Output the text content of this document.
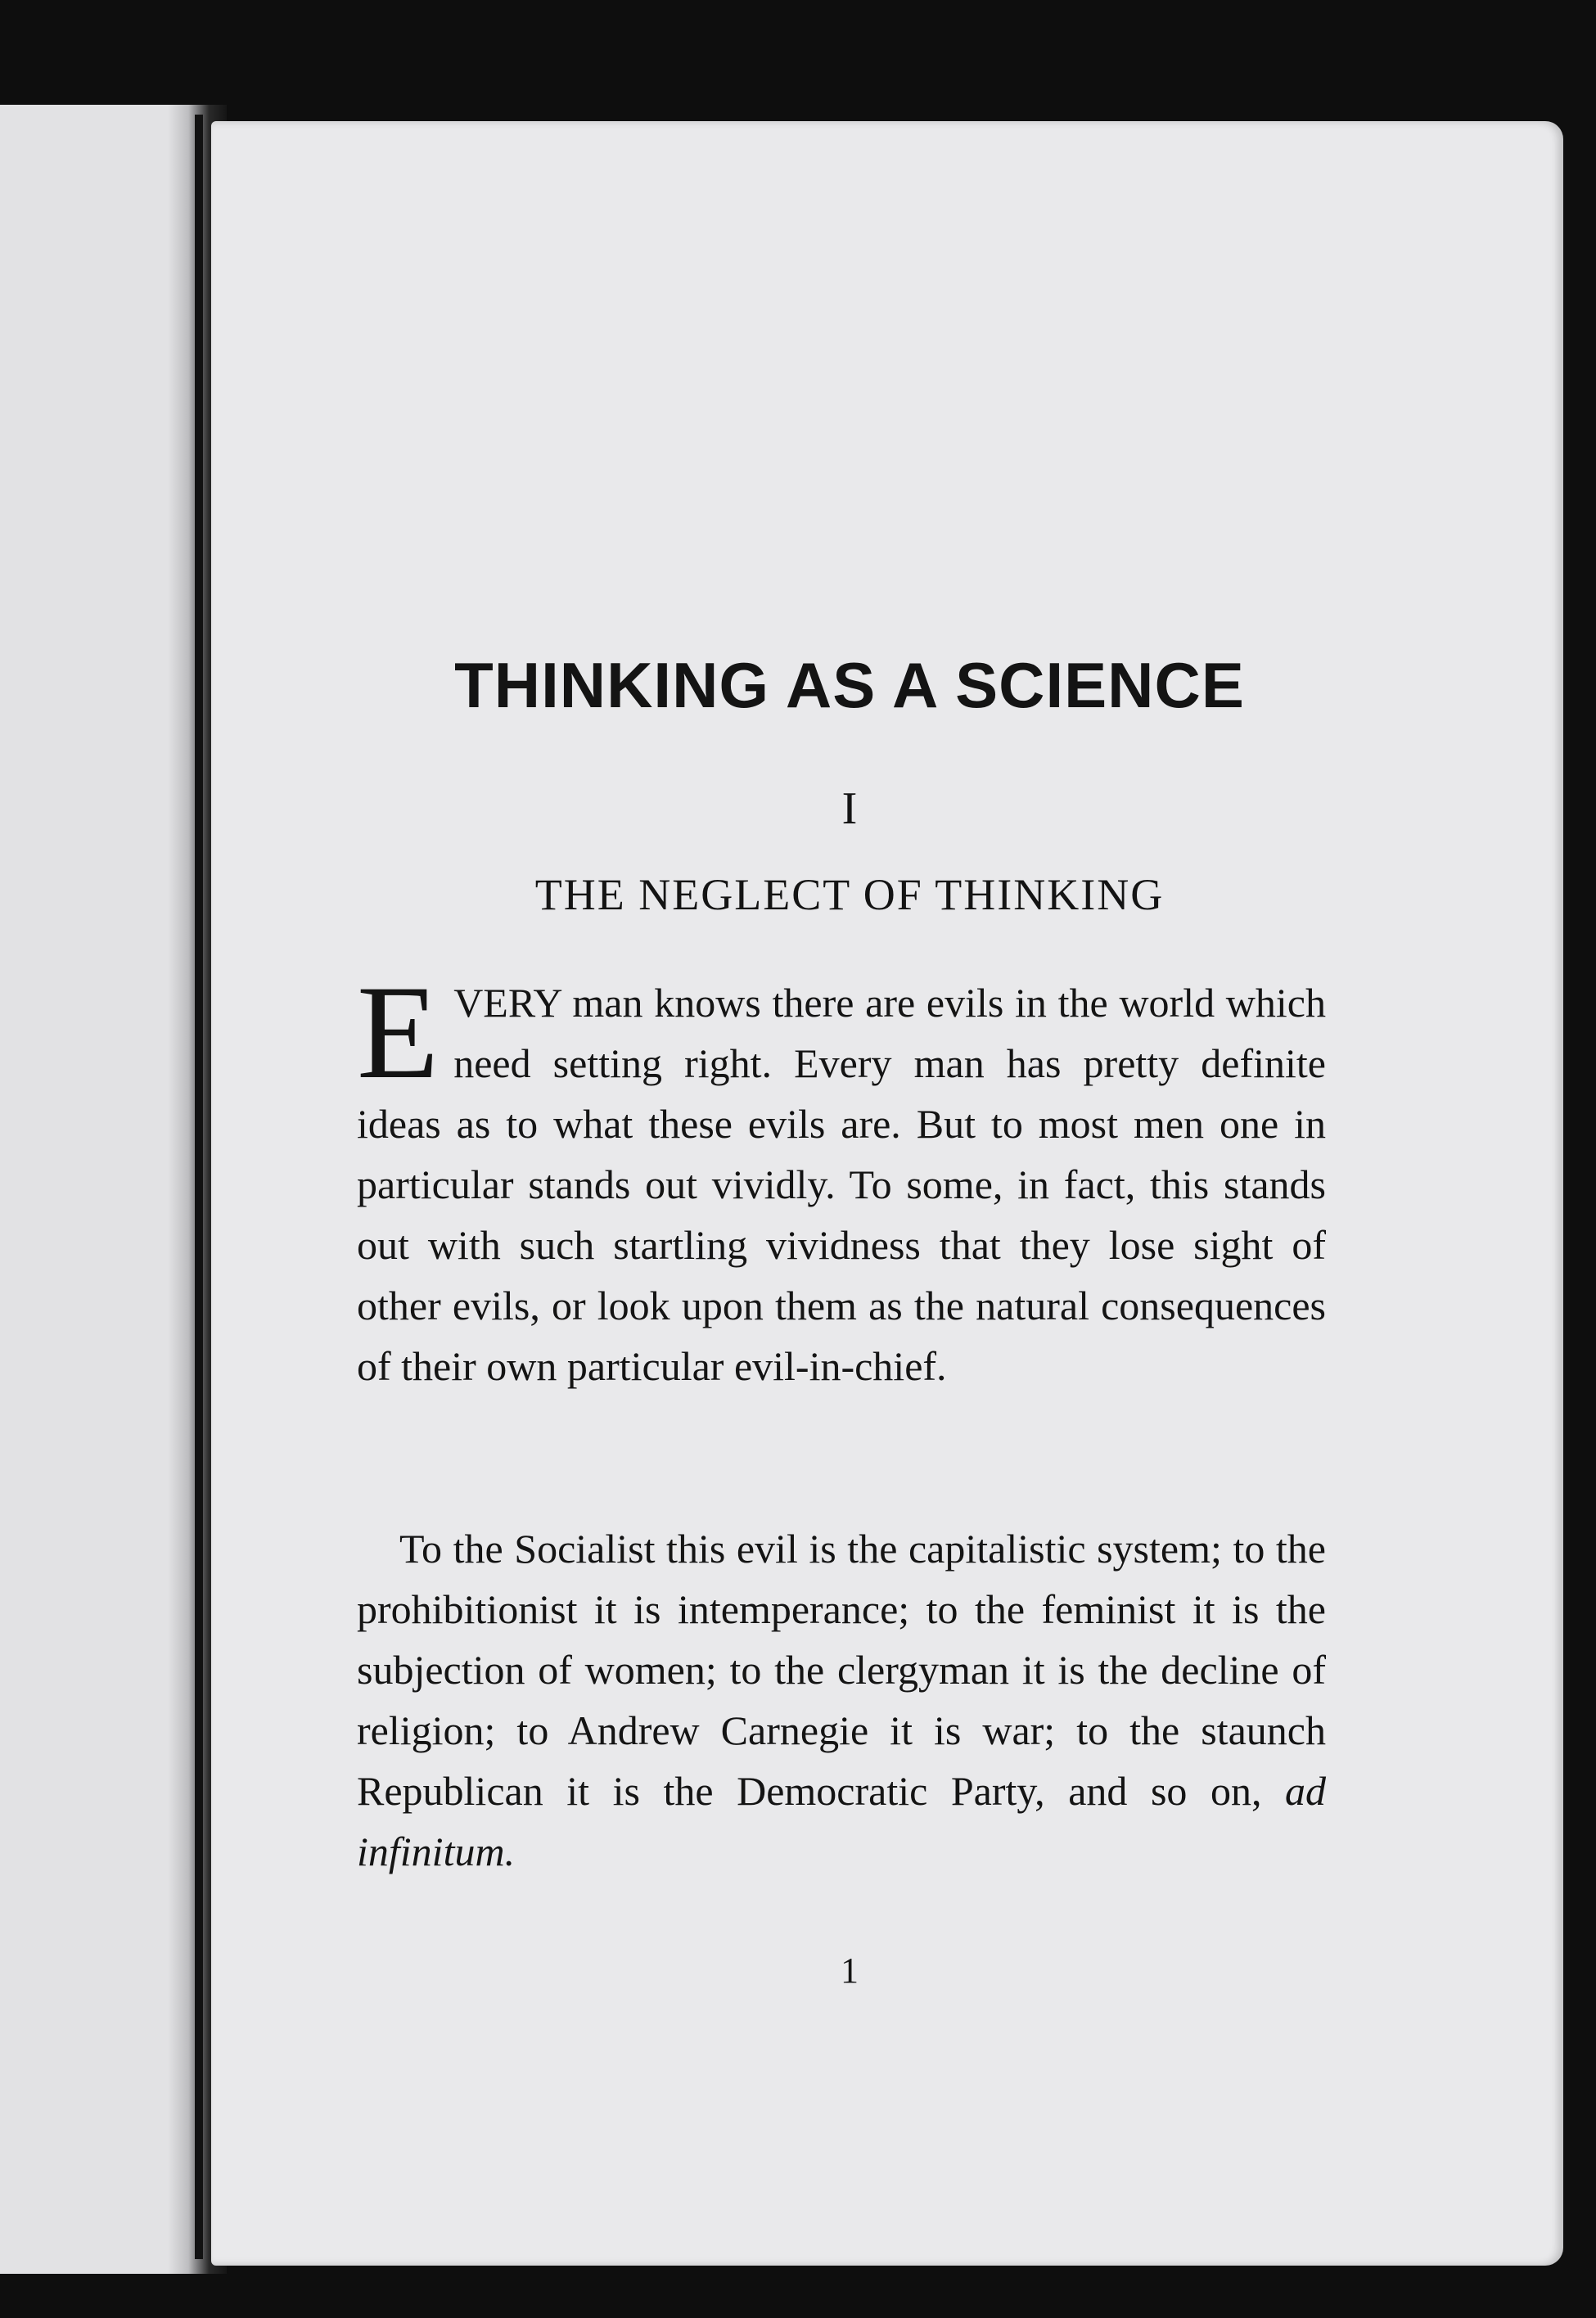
THINKING AS A SCIENCE
I
THE NEGLECT OF THINKING

EVERY man knows there are evils in the world which need setting right. Every man has pretty definite ideas as to what these evils are. But to most men one in particular stands out vividly. To some, in fact, this stands out with such startling vividness that they lose sight of other evils, or look upon them as the natural consequences of their own particular evil-in-chief.

To the Socialist this evil is the capitalistic system; to the prohibitionist it is intemperance; to the feminist it is the subjection of women; to the clergyman it is the decline of religion; to Andrew Carnegie it is war; to the staunch Republican it is the Democratic Party, and so on, ad infinitum.

1
